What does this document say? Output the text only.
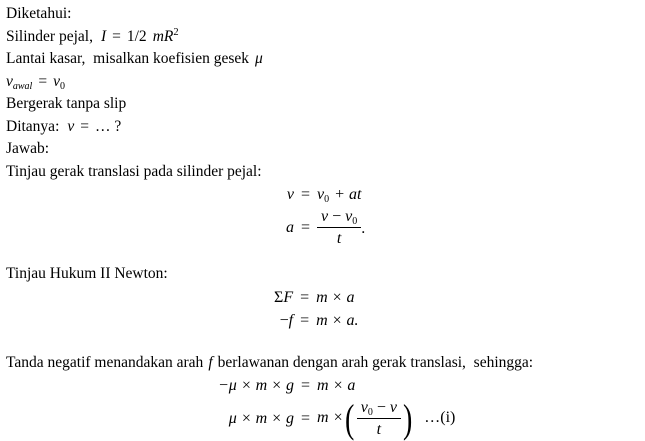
Diketahui:
Silinder pejal, I = 1/2 $mR^2$
Lantai kasar,  misalkan koefisien gesek μ
$v_{awal} = v_0$
Bergerak tanpa slip
Ditanya: v = … ?
Jawab:
Tinjau gerak translasi pada silinder pejal:
v	=	$v_0$ + at
a	=	$\frac{v - v_0}{t}$ .
Tinjau Hukum II Newton:
ΣF	=	m × a
−f	=	m × a.
Tanda negatif menandakan arah f berlawanan dengan arah gerak translasi,  sehingga:
−μ × m × g	=	m × a
μ × m × g	=	m ×( $\frac{v_0 - v}{t}$ ) …(i)
